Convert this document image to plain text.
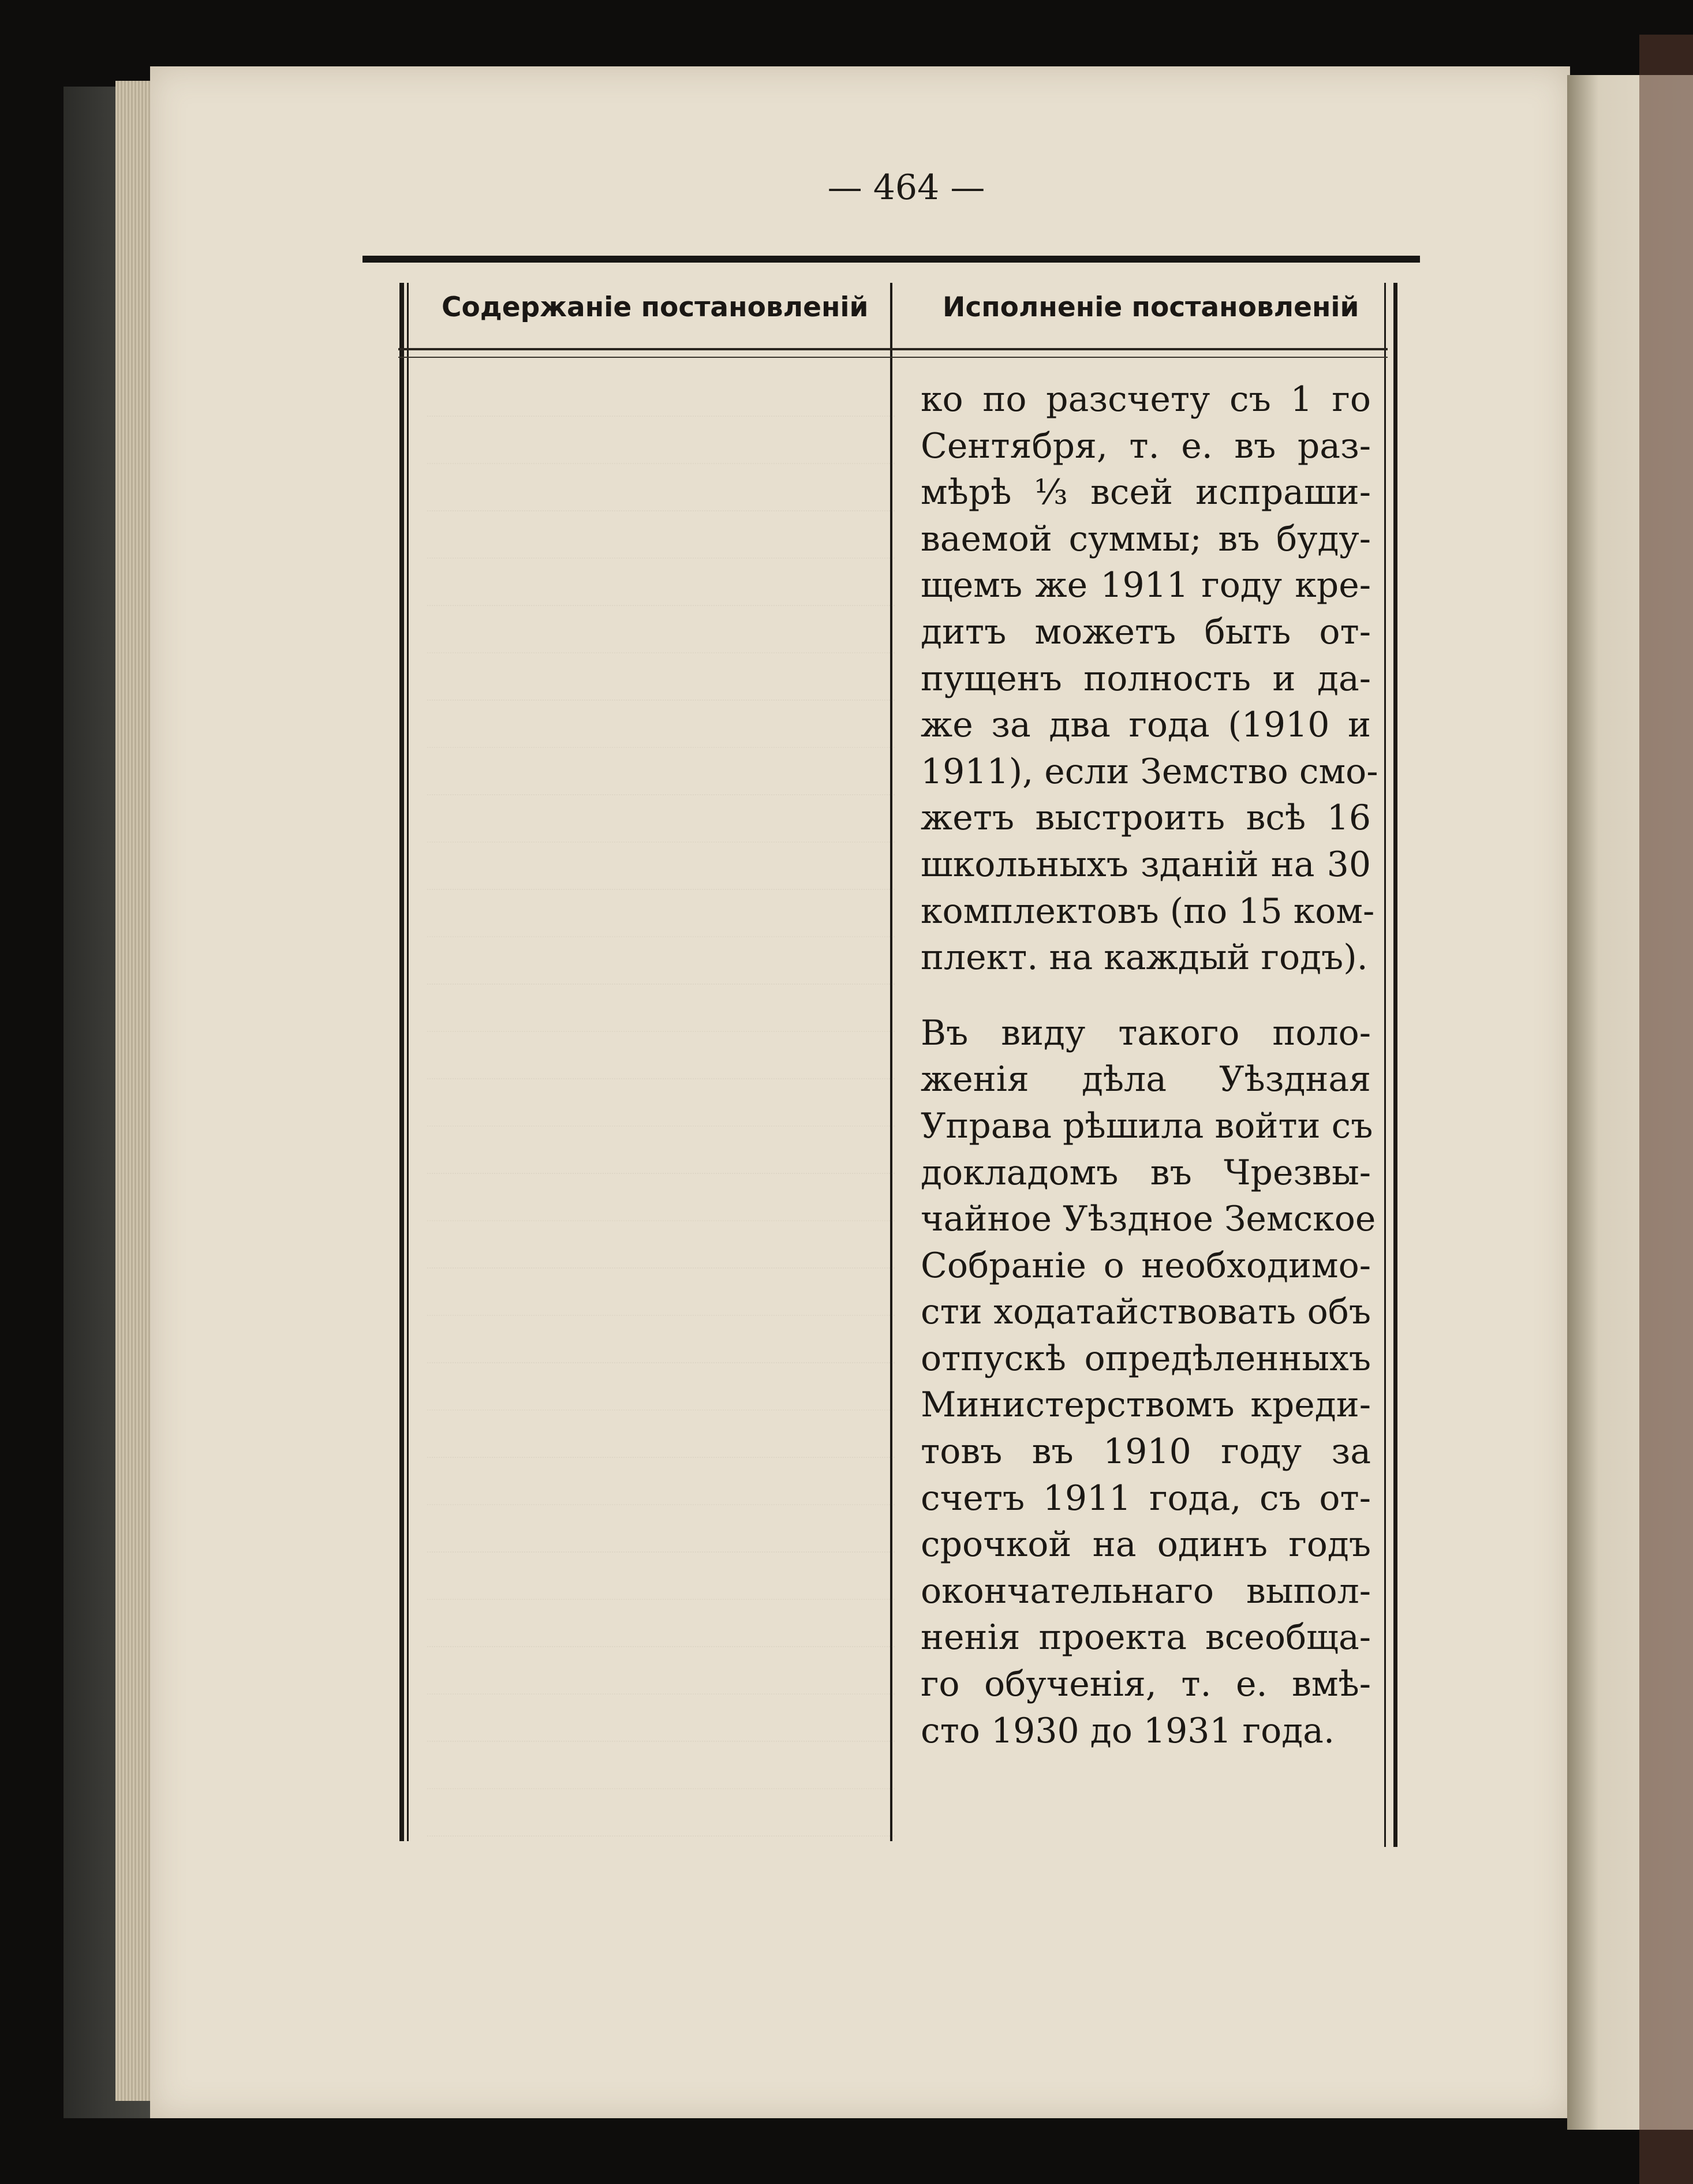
— 464 —
Содержаніе постановленій	Исполненіе постановленій
ко по разсчету съ 1 го
Сентября, т. е. въ раз-
мѣрѣ ⅓ всей испраши-
ваемой суммы; въ буду-
щемъ же 1911 году кре-
дитъ можетъ быть от-
пущенъ полность и да-
же за два года (1910 и
1911), если Земство смо-
жетъ выстроить всѣ 16
школьныхъ зданій на 30
комплектовъ (по 15 ком-
плект. на каждый годъ).
Въ виду такого поло-
женія дѣла Уѣздная
Управа рѣшила войти съ
докладомъ въ Чрезвы-
чайное Уѣздное Земское
Собраніе о необходимо-
сти ходатайствовать объ
отпускѣ опредѣленныхъ
Министерствомъ креди-
товъ въ 1910 году за
счетъ 1911 года, съ от-
срочкой на одинъ годъ
окончательнаго выпол-
ненія проекта всеобща-
го обученія, т. е. вмѣ-
сто 1930 до 1931 года.
